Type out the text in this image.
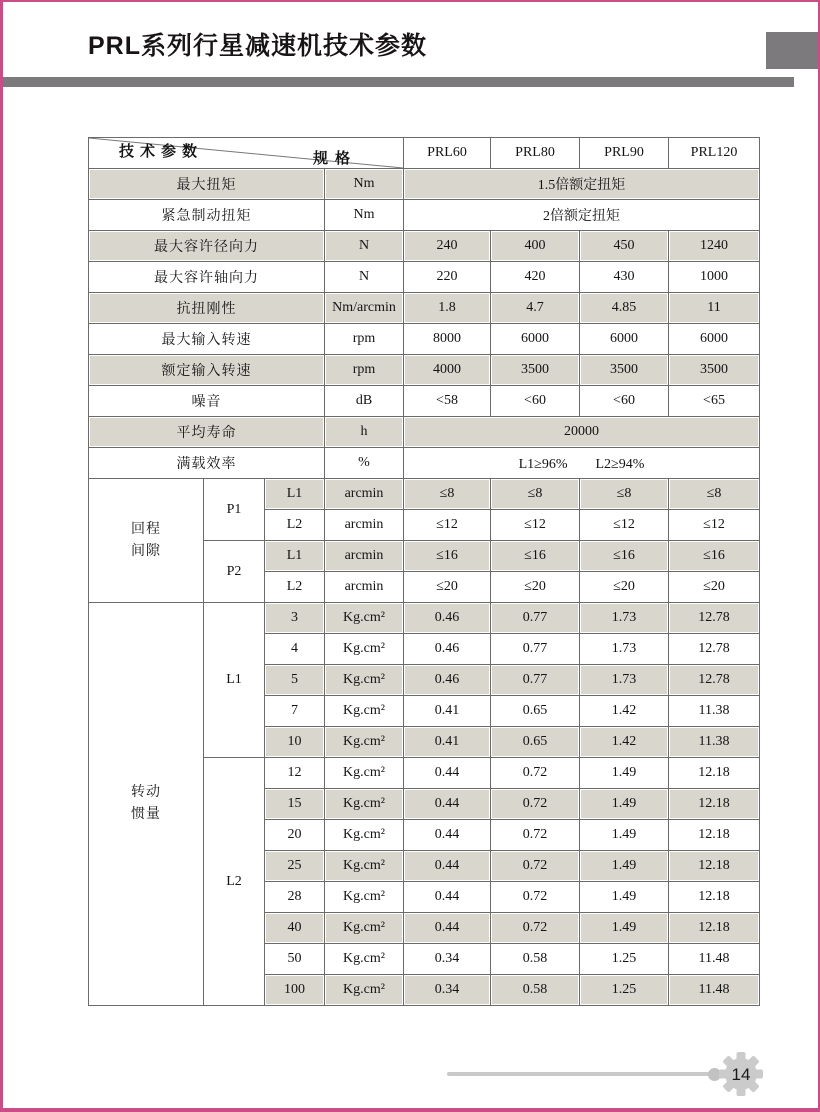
PRL系列行星减速机技术参数
规格
技术参数				PRL60	PRL80	PRL90	PRL120
最大扭矩			Nm	1.5倍额定扭矩			
紧急制动扭矩			Nm	2倍额定扭矩			
最大容许径向力			N	240	400	450	1240
最大容许轴向力			N	220	420	430	1000
抗扭刚性			Nm/arcmin	1.8	4.7	4.85	11
最大输入转速			rpm	8000	6000	6000	6000
额定输入转速			rpm	4000	3500	3500	3500
噪音			dB	<58	<60	<60	<65
平均寿命			h	20000			
满载效率			%	L1≥96%　　L2≥94%			

回程
间隙	P1	L1	arcmin	≤8	≤8	≤8	≤8
		L2	arcmin	≤12	≤12	≤12	≤12
	P2	L1	arcmin	≤16	≤16	≤16	≤16
		L2	arcmin	≤20	≤20	≤20	≤20

转动
惯量	L1	3	Kg.cm²	0.46	0.77	1.73	12.78
		4	Kg.cm²	0.46	0.77	1.73	12.78
		5	Kg.cm²	0.46	0.77	1.73	12.78
		7	Kg.cm²	0.41	0.65	1.42	11.38
		10	Kg.cm²	0.41	0.65	1.42	11.38
	L2	12	Kg.cm²	0.44	0.72	1.49	12.18
		15	Kg.cm²	0.44	0.72	1.49	12.18
		20	Kg.cm²	0.44	0.72	1.49	12.18
		25	Kg.cm²	0.44	0.72	1.49	12.18
		28	Kg.cm²	0.44	0.72	1.49	12.18
		40	Kg.cm²	0.44	0.72	1.49	12.18
		50	Kg.cm²	0.34	0.58	1.25	11.48
		100	Kg.cm²	0.34	0.58	1.25	11.48
14
